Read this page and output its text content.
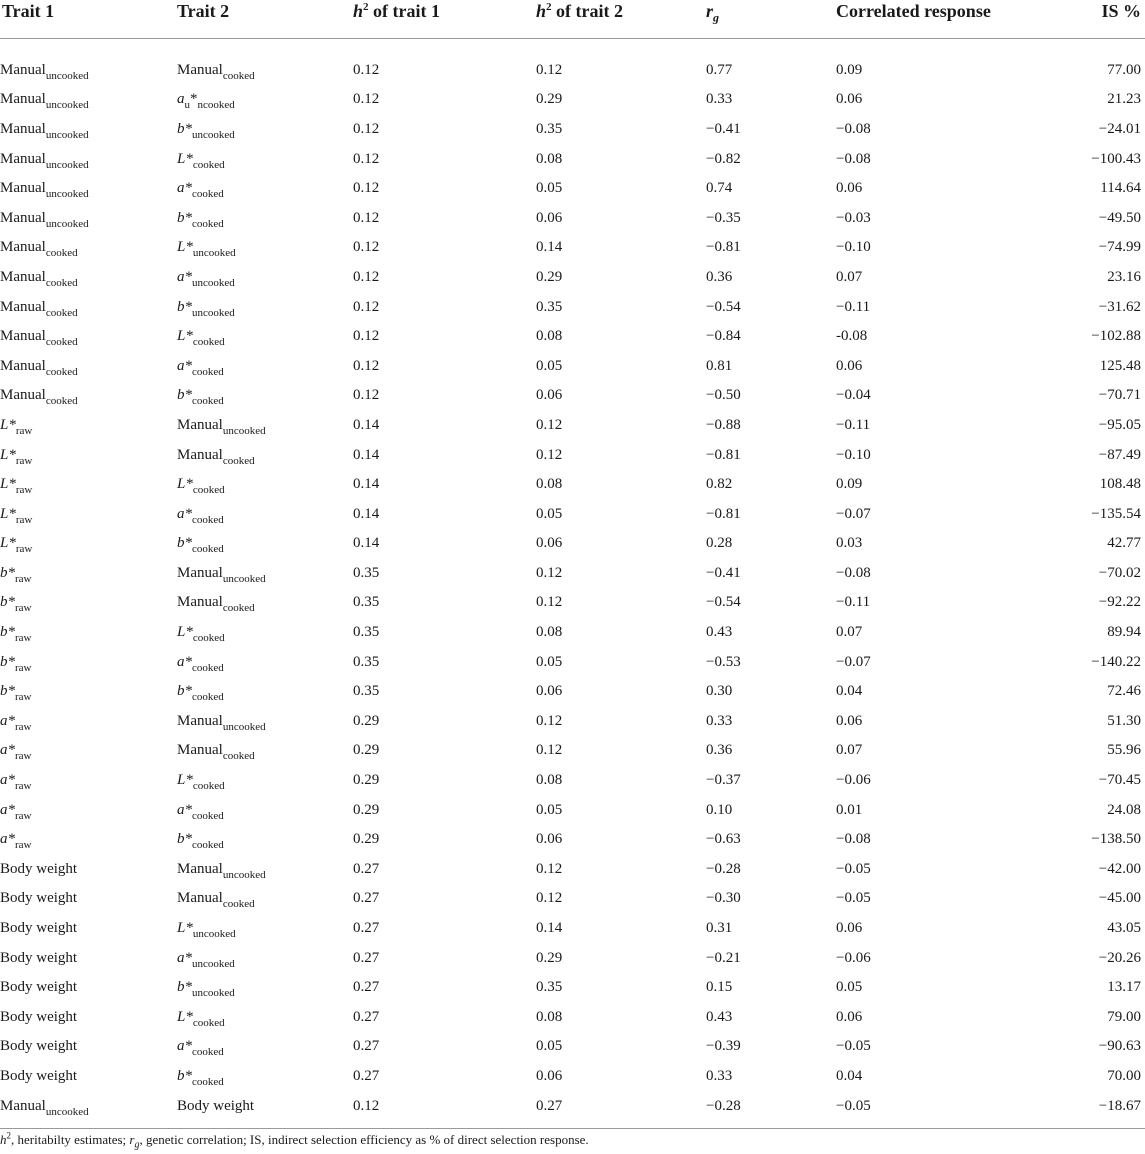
Trait 1	Trait 2	$h^2$ of trait 1	$h^2$ of trait 2	$r_g$	Correlated response	IS %
Manual$_{uncooked}$	Manual$_{cooked}$	0.12	0.12	0.77	0.09	77.00
Manual$_{uncooked}$	$a_u*_{ncooked}$	0.12	0.29	0.33	0.06	21.23
Manual$_{uncooked}$	$b*_{uncooked}$	0.12	0.35	−0.41	−0.08	−24.01
Manual$_{uncooked}$	$L*_{cooked}$	0.12	0.08	−0.82	−0.08	−100.43
Manual$_{uncooked}$	$a*_{cooked}$	0.12	0.05	0.74	0.06	114.64
Manual$_{uncooked}$	$b*_{cooked}$	0.12	0.06	−0.35	−0.03	−49.50
Manual$_{cooked}$	$L*_{uncooked}$	0.12	0.14	−0.81	−0.10	−74.99
Manual$_{cooked}$	$a*_{uncooked}$	0.12	0.29	0.36	0.07	23.16
Manual$_{cooked}$	$b*_{uncooked}$	0.12	0.35	−0.54	−0.11	−31.62
Manual$_{cooked}$	$L*_{cooked}$	0.12	0.08	−0.84	-0.08	−102.88
Manual$_{cooked}$	$a*_{cooked}$	0.12	0.05	0.81	0.06	125.48
Manual$_{cooked}$	$b*_{cooked}$	0.12	0.06	−0.50	−0.04	−70.71
$L*_{raw}$	Manual$_{uncooked}$	0.14	0.12	−0.88	−0.11	−95.05
$L*_{raw}$	Manual$_{cooked}$	0.14	0.12	−0.81	−0.10	−87.49
$L*_{raw}$	$L*_{cooked}$	0.14	0.08	0.82	0.09	108.48
$L*_{raw}$	$a*_{cooked}$	0.14	0.05	−0.81	−0.07	−135.54
$L*_{raw}$	$b*_{cooked}$	0.14	0.06	0.28	0.03	42.77
$b*_{raw}$	Manual$_{uncooked}$	0.35	0.12	−0.41	−0.08	−70.02
$b*_{raw}$	Manual$_{cooked}$	0.35	0.12	−0.54	−0.11	−92.22
$b*_{raw}$	$L*_{cooked}$	0.35	0.08	0.43	0.07	89.94
$b*_{raw}$	$a*_{cooked}$	0.35	0.05	−0.53	−0.07	−140.22
$b*_{raw}$	$b*_{cooked}$	0.35	0.06	0.30	0.04	72.46
$a*_{raw}$	Manual$_{uncooked}$	0.29	0.12	0.33	0.06	51.30
$a*_{raw}$	Manual$_{cooked}$	0.29	0.12	0.36	0.07	55.96
$a*_{raw}$	$L*_{cooked}$	0.29	0.08	−0.37	−0.06	−70.45
$a*_{raw}$	$a*_{cooked}$	0.29	0.05	0.10	0.01	24.08
$a*_{raw}$	$b*_{cooked}$	0.29	0.06	−0.63	−0.08	−138.50
Body weight	Manual$_{uncooked}$	0.27	0.12	−0.28	−0.05	−42.00
Body weight	Manual$_{cooked}$	0.27	0.12	−0.30	−0.05	−45.00
Body weight	$L*_{uncooked}$	0.27	0.14	0.31	0.06	43.05
Body weight	$a*_{uncooked}$	0.27	0.29	−0.21	−0.06	−20.26
Body weight	$b*_{uncooked}$	0.27	0.35	0.15	0.05	13.17
Body weight	$L*_{cooked}$	0.27	0.08	0.43	0.06	79.00
Body weight	$a*_{cooked}$	0.27	0.05	−0.39	−0.05	−90.63
Body weight	$b*_{cooked}$	0.27	0.06	0.33	0.04	70.00
Manual$_{uncooked}$	Body weight	0.12	0.27	−0.28	−0.05	−18.67
$h^2$, heritabilty estimates; $r_g$, genetic correlation; IS, indirect selection efficiency as % of direct selection response.
